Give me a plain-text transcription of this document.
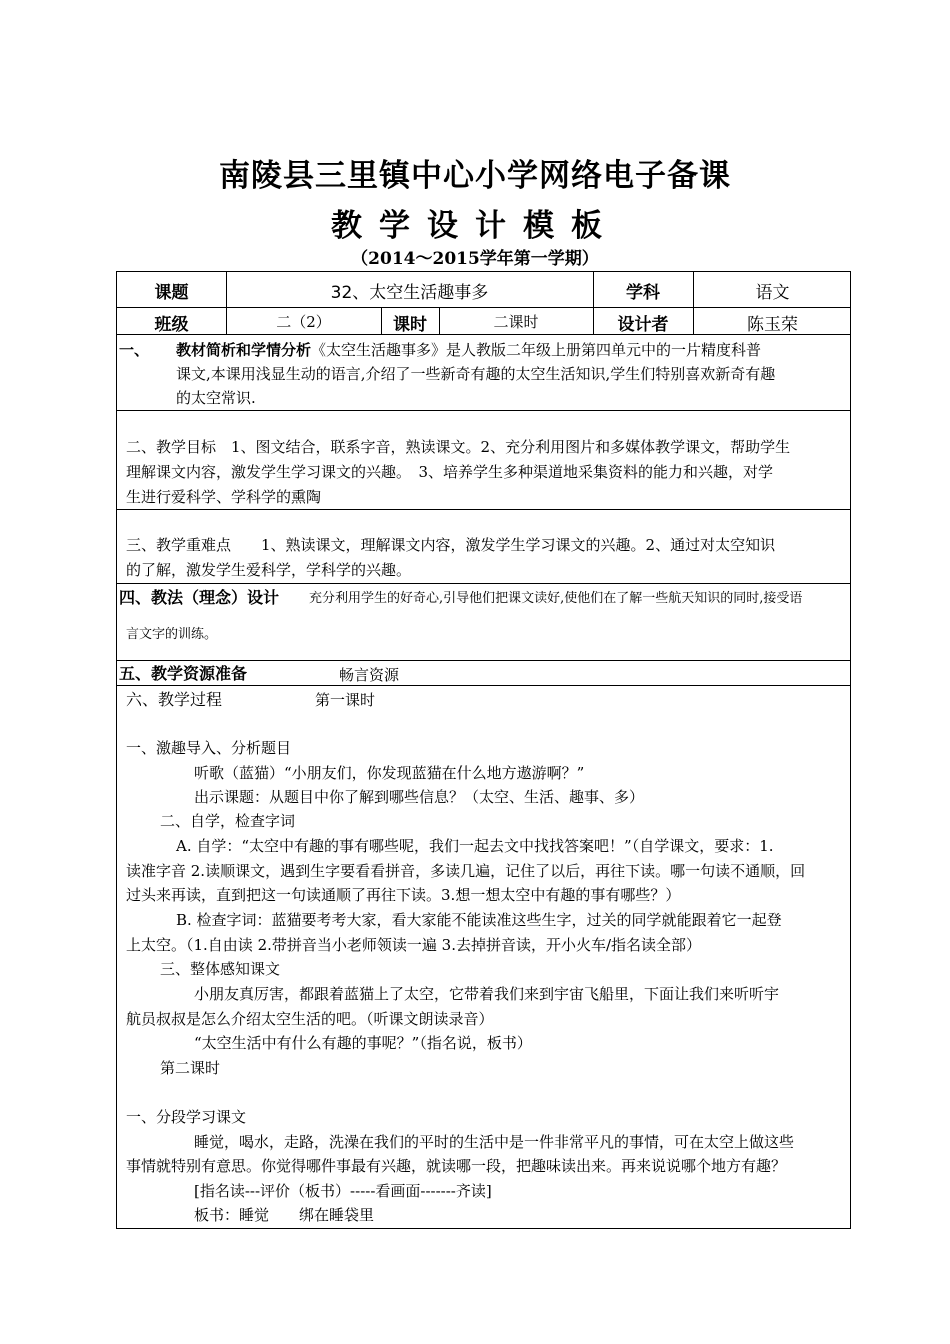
南陵县三里镇中心小学网络电子备课
教学设计模板
（2014～2015学年第一学期）
课题	32、太空生活趣事多	学科	语文
班级	二（2）	课时	二课时	设计者	陈玉荣
一、 教材简析和学情分析《太空生活趣事多》是人教版二年级上册第四单元中的一片精度科普
课文,本课用浅显生动的语言,介绍了一些新奇有趣的太空生活知识,学生们特别喜欢新奇有趣
的太空常识.
二、教学目标　1、图文结合，联系字音，熟读课文。2、充分利用图片和多媒体教学课文，帮助学生
理解课文内容，激发学生学习课文的兴趣。　3、培养学生多种渠道地采集资料的能力和兴趣，对学
生进行爱科学、学科学的熏陶
三、教学重难点　　1、熟读课文，理解课文内容，激发学生学习课文的兴趣。2、通过对太空知识
的了解，激发学生爱科学，学科学的兴趣。
四、教法（理念）设计 充分利用学生的好奇心,引导他们把课文读好,使他们在了解一些航天知识的同时,接受语
言文字的训练。
五、教学资源准备	畅言资源
六、教学过程	第一课时
一、激趣导入、分析题目
听歌（蓝猫）“小朋友们，你发现蓝猫在什么地方遨游啊？”
出示课题：从题目中你了解到哪些信息？（太空、生活、趣事、多）
二、自学，检查字词
A. 自学：“太空中有趣的事有哪些呢，我们一起去文中找找答案吧！”（自学课文，要求：1.
读准字音 2.读顺课文，遇到生字要看看拼音，多读几遍，记住了以后，再往下读。哪一句读不通顺，回
过头来再读，直到把这一句读通顺了再往下读。3.想一想太空中有趣的事有哪些？）
B. 检查字词：蓝猫要考考大家，看大家能不能读准这些生字，过关的同学就能跟着它一起登
上太空。（1.自由读 2.带拼音当小老师领读一遍 3.去掉拼音读，开小火车/指名读全部）
三、整体感知课文
小朋友真厉害，都跟着蓝猫上了太空，它带着我们来到宇宙飞船里，下面让我们来听听宇
航员叔叔是怎么介绍太空生活的吧。（听课文朗读录音）
“太空生活中有什么有趣的事呢？”（指名说，板书）
第二课时
一、分段学习课文
睡觉，喝水，走路，洗澡在我们的平时的生活中是一件非常平凡的事情，可在太空上做这些
事情就特别有意思。你觉得哪件事最有兴趣，就读哪一段，把趣味读出来。再来说说哪个地方有趣？
[指名读---评价（板书）-----看画面-------齐读]
板书：睡觉　　绑在睡袋里
